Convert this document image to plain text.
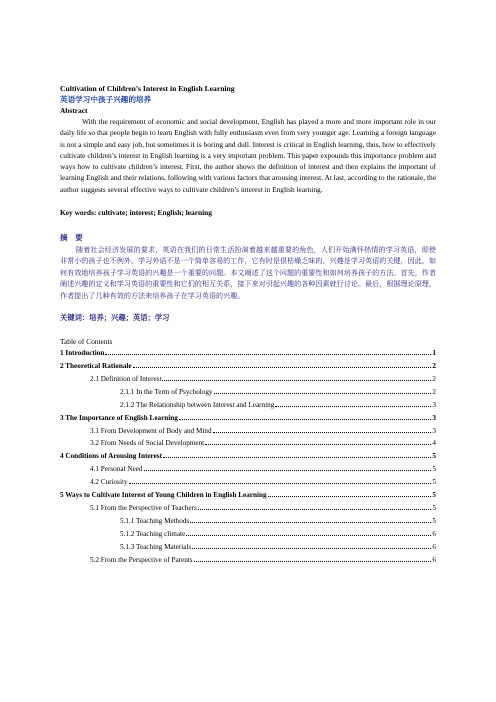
Cultivation of Children’s Interest in English Learning
英语学习中孩子兴趣的培养
Abstract

With the requirement of economic and social development, English has played a more and more important role in our daily life so that people begin to learn English with fully enthusiasm even from very younger age. Learning a foreign language is not a simple and easy job, but sometimes it is boring and dull. Interest is critical in English learning, thus, how to effectively cultivate children’s interest in English learning is a very important problem. This paper expounds this importance problem and ways how to cultivate children’s interest. First, the author shows the definition of interest and then explains the important of learning English and their relations, following with various factors that arousing interest. At last, according to the rationale, the author suggests several effective ways to cultivate children’s interest in English learning.

Key words: cultivate; interest; English; learning
摘　要

随着社会经济发展的要求，英语在我们的日常生活扮演着越来越重要的角色，人们开始满怀热情的学习英语，即使非常小的孩子也不例外。学习外语不是一个简单容易的工作，它有时是很枯燥乏味的。兴趣是学习英语的关键，因此，如何有效地培养孩子学习英语的兴趣是一个重要的问题。本文阐述了这个问题的重要性和如何培养孩子的方法。首先，作者阐述兴趣的定义和学习英语的重要性和它们的相互关系，接下来对引起兴趣的各种因素就行讨论。最后，根据理论原理，作者提出了几种有效的方法来培养孩子在学习英语的兴趣。

关键词：培养；兴趣；英语；学习
Table of Contents
1 Introduction	1
2 Theoretical Rationale	2
2.1 Definition of Interest	2
2.1.1 In the Term of Psychology	2
2.1.2 The Relationship between Interest and Learning	3
3 The Importance of English Learning	3
3.1 From Development of Body and Mind	3
3.2 From Needs of Social Development	4
4 Conditions of Arousing Interest	5
4.1 Personal Need	5
4.2 Curiosity	5
5 Ways to Cultivate Interest of Young Children in English Learning	5
5.1 From the Perspective of Teachers	5
5.1.1 Teaching Methods	5
5.1.2 Teaching climate	6
5.1.3 Teaching Materials	6
5.2 From the Perspective of Parents	6
